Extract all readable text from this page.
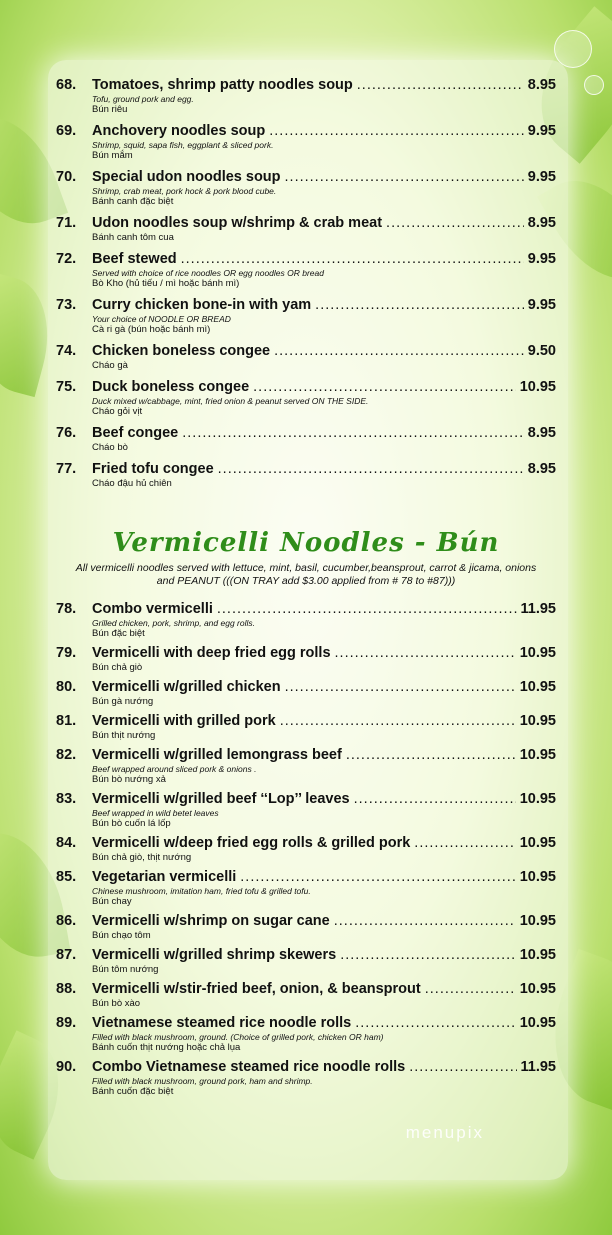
68.	Tomatoes, shrimp patty noodles soup .....	8.95
Tofu, ground pork and egg.
Bún riêu
69.	Anchovery noodles soup .....	9.95
Shrimp, squid, sapa fish, eggplant & sliced pork.
Bún mắm
70.	Special udon noodles soup .....	9.95
Shrimp, crab meat, pork hock & pork blood cube.
Bánh canh đặc biệt
71.	Udon noodles soup w/shrimp & crab meat .....	8.95
Bánh canh tôm cua
72.	Beef stewed .....	9.95
Served with choice of rice noodles OR egg noodles OR bread
Bò Kho (hủ tiếu / mì hoặc bánh mì)
73.	Curry chicken bone-in with yam .....	9.95
Your choice of NOODLE OR BREAD
Cà ri gà (bún hoặc bánh mì)
74.	Chicken boneless congee .....	9.50
Cháo gà
75.	Duck boneless congee .....	10.95
Duck mixed w/cabbage, mint, fried onion & peanut served ON THE SIDE.
Cháo gỏi vịt
76.	Beef congee .....	8.95
Cháo bò
77.	Fried tofu congee .....	8.95
Cháo đậu hủ chiên
Vermicelli Noodles - Bún
All vermicelli noodles served with lettuce, mint, basil, cucumber,beansprout, carrot & jicama, onions and PEANUT (((ON TRAY add $3.00 applied from # 78 to #87)))
78.	Combo vermicelli .....	11.95
Grilled chicken, pork, shrimp, and egg rolls.
Bún đặc biệt
79.	Vermicelli with deep fried egg rolls .....	10.95
Bún chả giò
80.	Vermicelli w/grilled chicken .....	10.95
Bún gà nướng
81.	Vermicelli with grilled pork .....	10.95
Bún thịt nướng
82.	Vermicelli w/grilled lemongrass beef .....	10.95
Beef wrapped around sliced pork & onions .
Bún bò nướng xả
83.	Vermicelli w/grilled beef ‘‘Lop’’ leaves .....	10.95
Beef wrapped in wild betet leaves
Bún bò cuốn lá lốp
84.	Vermicelli w/deep fried egg rolls & grilled pork .....	10.95
Bún chả giò, thịt nướng
85.	Vegetarian vermicelli .....	10.95
Chinese mushroom, imitation ham, fried tofu & grilled tofu.
Bún chay
86.	Vermicelli w/shrimp on sugar cane .....	10.95
Bún chạo tôm
87.	Vermicelli w/grilled shrimp skewers .....	10.95
Bún tôm nướng
88.	Vermicelli w/stir-fried beef, onion, & beansprout .....	10.95
Bún bò xào
89.	Vietnamese steamed rice noodle rolls .....	10.95
Filled with black mushroom, ground. (Choice of grilled pork, chicken OR ham)
Bánh cuốn thịt nướng hoặc chả lụa
90.	Combo Vietnamese steamed rice noodle rolls .....	11.95
Filled with black mushroom, ground pork, ham and shrimp.
Bánh cuốn đặc biệt
menupix
